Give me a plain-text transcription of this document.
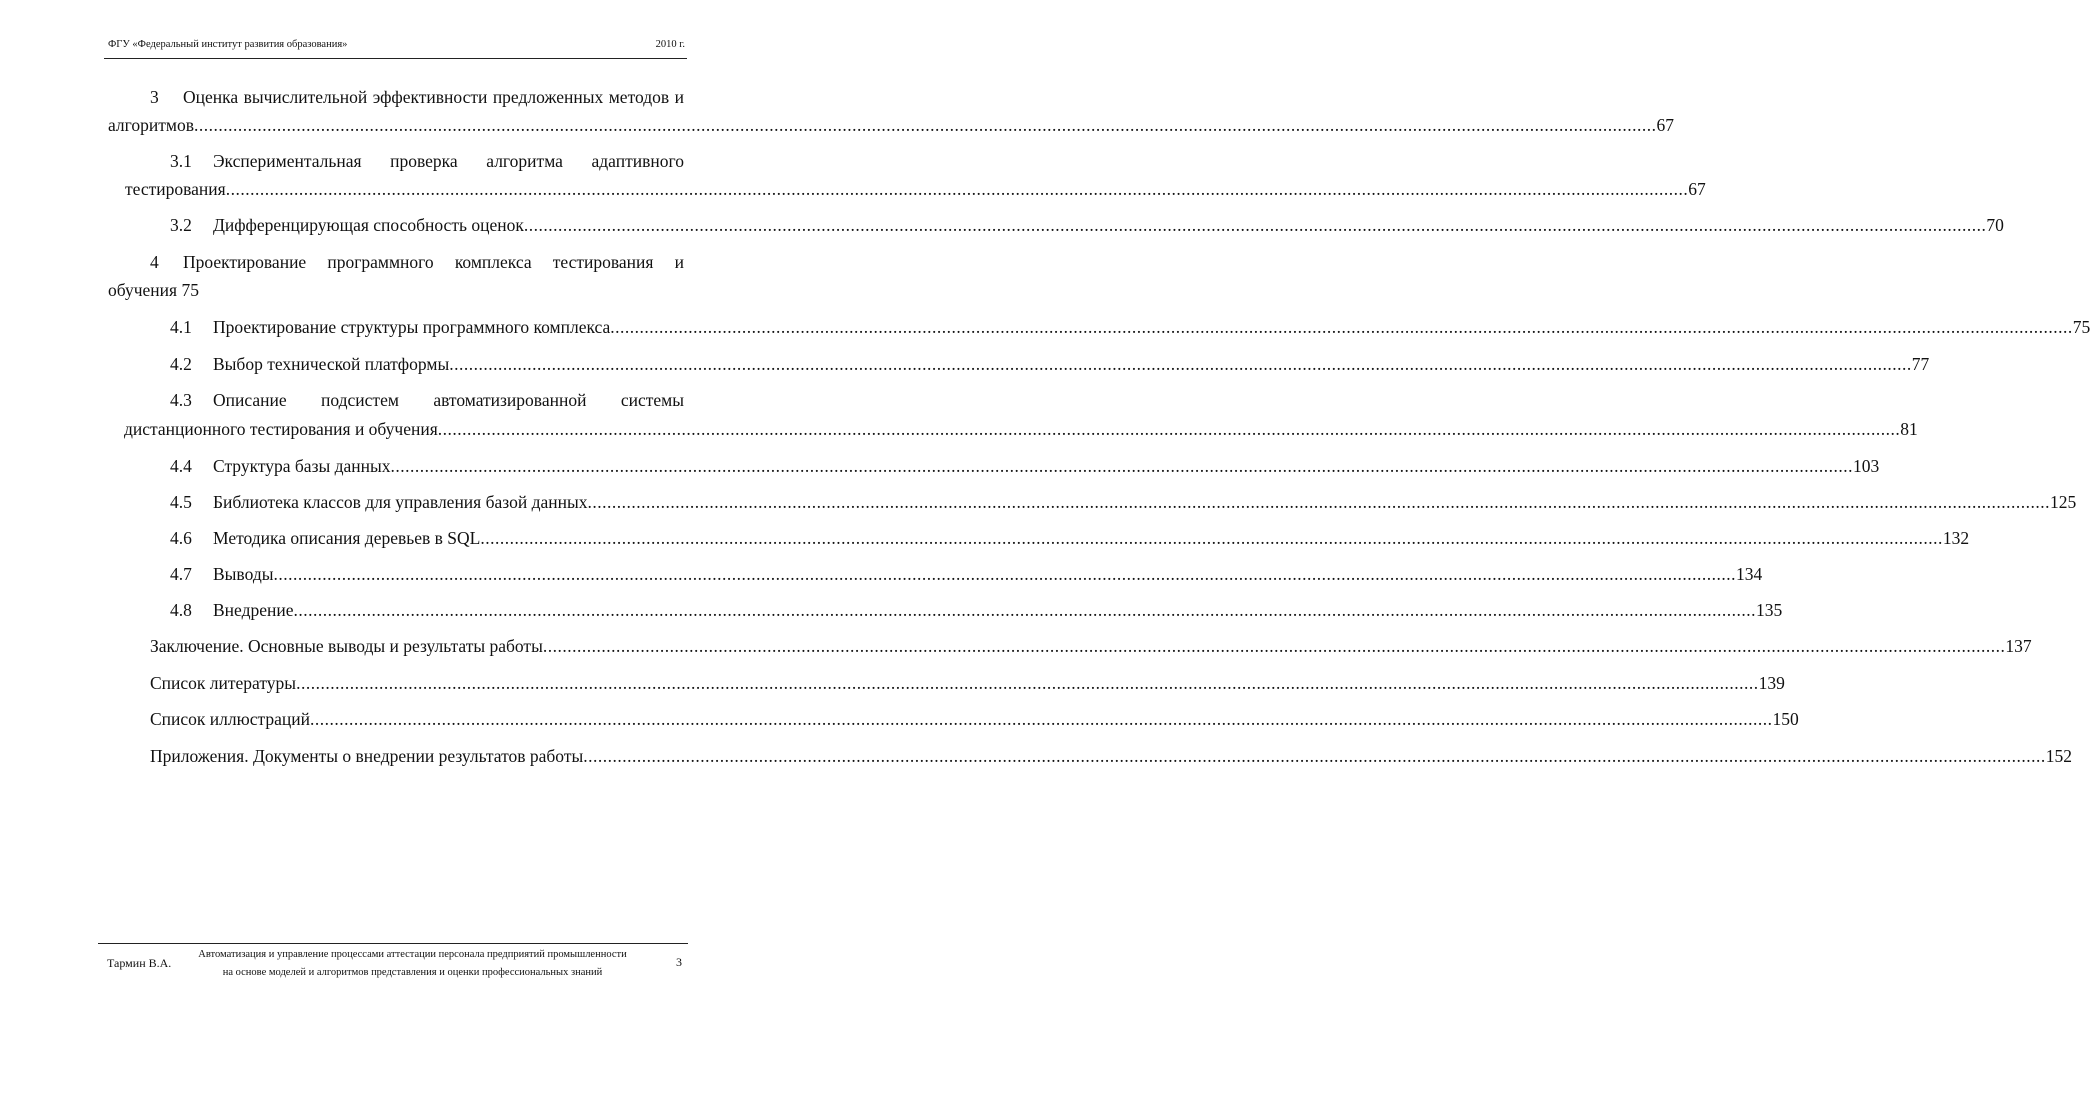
ФГУ «Федеральный институт развития образования»	2010 г.
3 Оценка вычислительной эффективности предложенных методов и
алгоритмов ............................................................................................................................................................................................................................................................................................................ 67
3.1 Экспериментальная проверка алгоритма адаптивного
тестирования ............................................................................................................................................................................................................................................................................................................ 67
3.2 Дифференцирующая способность оценок ............................................................................................................................................................................................................................................................................................................ 70
4 Проектирование программного комплекса тестирования и
обучения 75
4.1 Проектирование структуры программного комплекса ............................................................................................................................................................................................................................................................................................................ 75
4.2 Выбор технической платформы ............................................................................................................................................................................................................................................................................................................ 77
4.3 Описание подсистем автоматизированной системы
дистанционного тестирования и обучения ............................................................................................................................................................................................................................................................................................................ 81
4.4 Структура базы данных ............................................................................................................................................................................................................................................................................................................ 103
4.5 Библиотека классов для управления базой данных ............................................................................................................................................................................................................................................................................................................ 125
4.6 Методика описания деревьев в SQL ............................................................................................................................................................................................................................................................................................................ 132
4.7 Выводы ............................................................................................................................................................................................................................................................................................................ 134
4.8 Внедрение ............................................................................................................................................................................................................................................................................................................ 135
Заключение. Основные выводы и результаты работы ............................................................................................................................................................................................................................................................................................................ 137
Список литературы ............................................................................................................................................................................................................................................................................................................ 139
Список иллюстраций ............................................................................................................................................................................................................................................................................................................ 150
Приложения. Документы о внедрении результатов работы ............................................................................................................................................................................................................................................................................................................ 152
Тармин В.А.
Автоматизация и управление процессами аттестации персонала предприятий промышленности
на основе моделей и алгоритмов представления и оценки профессиональных знаний
3
